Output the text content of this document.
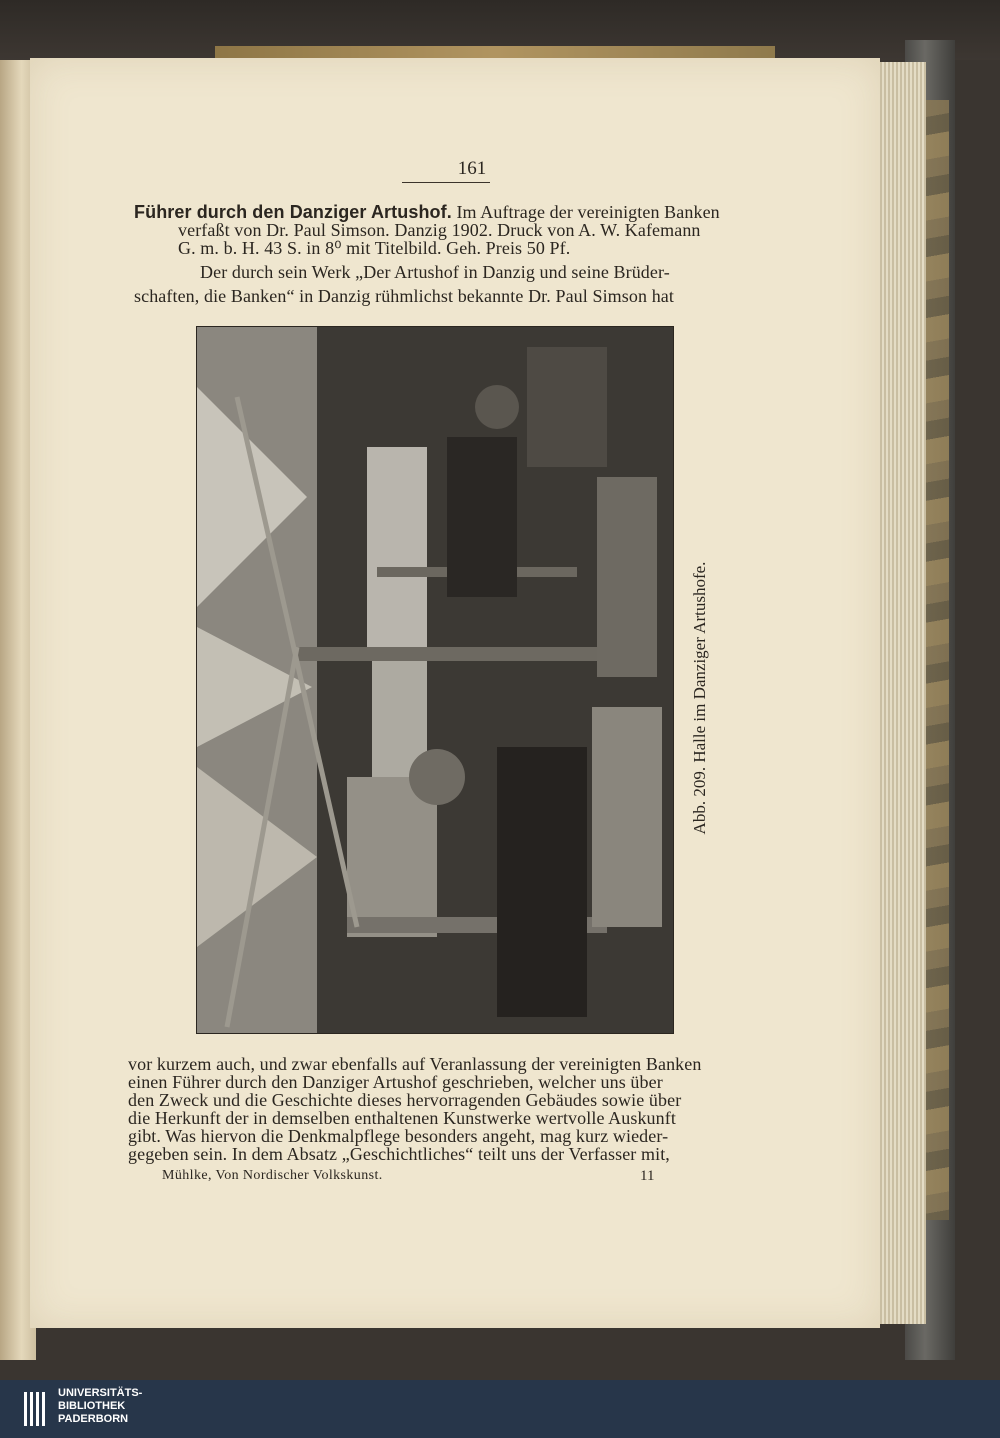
161
Führer durch den Danziger Artushof. Im Auftrage der vereinigten Banken
verfaßt von Dr. Paul Simson. Danzig 1902. Druck von A. W. Kafemann
G. m. b. H. 43 S. in 8⁰ mit Titelbild. Geh. Preis 50 Pf.
Der durch sein Werk „Der Artushof in Danzig und seine Brüder-
schaften, die Banken“ in Danzig rühmlichst bekannte Dr. Paul Simson hat
Abb. 209. Halle im Danziger Artushofe.
vor kurzem auch, und zwar ebenfalls auf Veranlassung der vereinigten Banken
einen Führer durch den Danziger Artushof geschrieben, welcher uns über
den Zweck und die Geschichte dieses hervorragenden Gebäudes sowie über
die Herkunft der in demselben enthaltenen Kunstwerke wertvolle Auskunft
gibt. Was hiervon die Denkmalpflege besonders angeht, mag kurz wieder-
gegeben sein. In dem Absatz „Geschichtliches“ teilt uns der Verfasser mit,
Mühlke, Von Nordischer Volkskunst.	11
UNIVERSITÄTS-
BIBLIOTHEK
PADERBORN
